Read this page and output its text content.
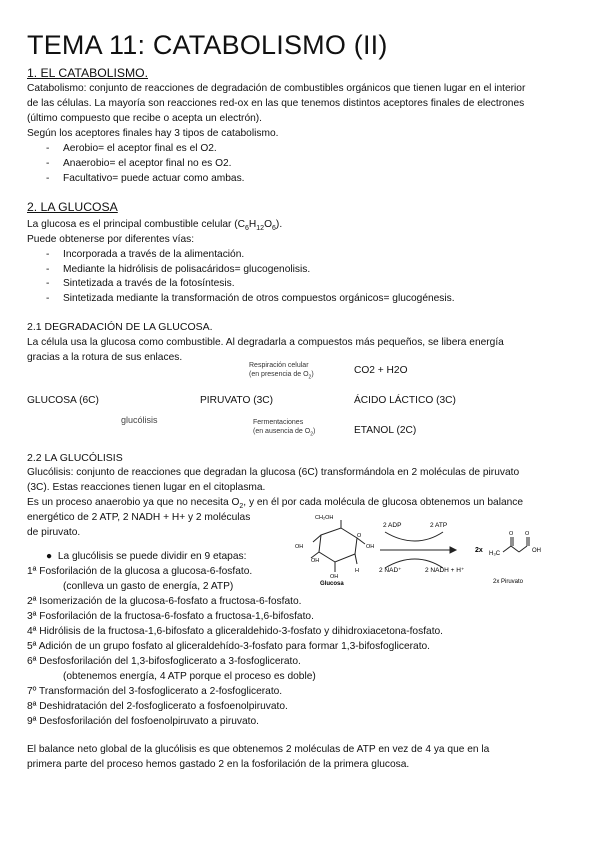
TEMA 11: CATABOLISMO (II)
1. EL CATABOLISMO.
Catabolismo: conjunto de reacciones de degradación de combustibles orgánicos que tienen lugar en el interior
de las células. La mayoría son reacciones red-ox en las que tenemos distintos aceptores finales de electrones
(último compuesto que recibe o acepta un electrón).
Según los aceptores finales hay 3 tipos de catabolismo.
- Aerobio= el aceptor final es el O2.
- Anaerobio= el aceptor final no es O2.
- Facultativo= puede actuar como ambas.
2. LA GLUCOSA
La glucosa es el principal combustible celular $(C_6H_{12}O_6)$.
Puede obtenerse por diferentes vías:
- Incorporada a través de la alimentación.
- Mediante la hidrólisis de polisacáridos= glucogenolisis.
- Sintetizada a través de la fotosíntesis.
- Sintetizada mediante la transformación de otros compuestos orgánicos= glucogénesis.
2.1 DEGRADACIÓN DE LA GLUCOSA.
La célula usa la glucosa como combustible. Al degradarla a compuestos más pequeños, se libera energía
gracias a la rotura de sus enlaces.
Respiración celular
(en presencia de $O_2$)	CO2 + H2O
GLUCOSA (6C)	PIRUVATO (3C)	ÁCIDO LÁCTICO (3C)
glucólisis	Fermentaciones
(en ausencia de $O_2$)	ETANOL (2C)
2.2 LA GLUCÓLISIS
Glucólisis: conjunto de reacciones que degradan la glucosa (6C) transformándola en 2 moléculas de piruvato
(3C). Estas reacciones tienen lugar en el citoplasma.
Es un proceso anaerobio ya que no necesita $O_2$, y en él por cada molécula de glucosa obtenemos un balance
energético de 2 ATP, 2 NADH + H+ y 2 moléculas
de piruvato.
●  La glucólisis se puede dividir en 9 etapas:
1ª Fosforilación de la glucosa a glucosa-6-fosfato.
(conlleva un gasto de energía, 2 ATP)
2ª Isomerización de la glucosa-6-fosfato a fructosa-6-fosfato.
3ª Fosforilación de la fructosa-6-fosfato a fructosa-1,6-bifosfato.
4ª Hidrólisis de la fructosa-1,6-bifosfato a gliceraldehido-3-fosfato y dihidroxiacetona-fosfato.
5ª Adición de un grupo fosfato al gliceraldehído-3-fosfato para formar 1,3-bifosfoglicerato.
6ª Desfosforilación del 1,3-bifosfoglicerato a 3-fosfoglicerato.
(obtenemos energía, 4 ATP porque el proceso es doble)
7º Transformación del 3-fosfoglicerato a 2-fosfoglicerato.
8ª Deshidratación del 2-fosfoglicerato a fosfoenolpiruvato.
9ª Desfosforilación del fosfoenolpiruvato a piruvato.
El balance neto global de la glucólisis es que obtenemos 2 moléculas de ATP en vez de 4 ya que en la
primera parte del proceso hemos gastado 2 en la fosforilación de la primera glucosa.
CH₂OH
O
OH
OH
OH
OH
H
Glucosa
2 ADP	2 ATP
2 NAD⁺	2 NADH + H⁺
2x H₃C
O O
OH
2x Piruvato
